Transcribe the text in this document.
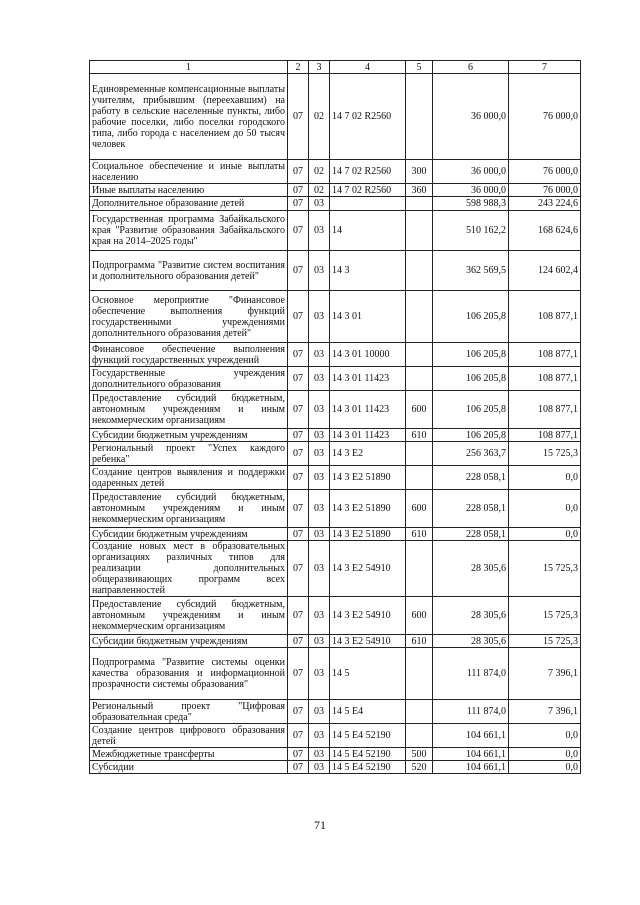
1	2	3	4	5	6	7
Единовременные компенсационные выплаты учителям, прибывшим (переехавшим) на работу в сельские населенные пункты, либо рабочие поселки, либо поселки городского типа, либо города с населением до 50 тысяч человек	07	02	14 7 02 R2560		36 000,0	76 000,0
Социальное обеспечение и иные выплаты населению	07	02	14 7 02 R2560	300	36 000,0	76 000,0
Иные выплаты населению	07	02	14 7 02 R2560	360	36 000,0	76 000,0
Дополнительное образование детей	07	03			598 988,3	243 224,6
Государственная программа Забайкальского края "Развитие образования Забайкальского края на 2014–2025 годы"	07	03	14		510 162,2	168 624,6
Подпрограмма "Развитие систем воспитания и дополнительного образования детей"	07	03	14 3		362 569,5	124 602,4
Основное мероприятие "Финансовое обеспечение выполнения функций государственными учреждениями дополнительного образования детей"	07	03	14 3 01		106 205,8	108 877,1
Финансовое обеспечение выполнения функций государственных учреждений	07	03	14 3 01 10000		106 205,8	108 877,1
Государственные учреждения дополнительного образования	07	03	14 3 01 11423		106 205,8	108 877,1
Предоставление субсидий бюджетным, автономным учреждениям и иным некоммерческим организациям	07	03	14 3 01 11423	600	106 205,8	108 877,1
Субсидии бюджетным учреждениям	07	03	14 3 01 11423	610	106 205,8	108 877,1
Региональный проект "Успех каждого ребенка"	07	03	14 3 E2		256 363,7	15 725,3
Создание центров выявления и поддержки одаренных детей	07	03	14 3 E2 51890		228 058,1	0,0
Предоставление субсидий бюджетным, автономным учреждениям и иным некоммерческим организациям	07	03	14 3 E2 51890	600	228 058,1	0,0
Субсидии бюджетным учреждениям	07	03	14 3 E2 51890	610	228 058,1	0,0
Создание новых мест в образовательных организациях различных типов для реализации дополнительных общеразвивающих программ всех направленностей	07	03	14 3 E2 54910		28 305,6	15 725,3
Предоставление субсидий бюджетным, автономным учреждениям и иным некоммерческим организациям	07	03	14 3 E2 54910	600	28 305,6	15 725,3
Субсидии бюджетным учреждениям	07	03	14 3 E2 54910	610	28 305,6	15 725,3
Подпрограмма "Развитие системы оценки качества образования и информационной прозрачности системы образования"	07	03	14 5		111 874,0	7 396,1
Региональный проект "Цифровая образовательная среда"	07	03	14 5 E4		111 874,0	7 396,1
Создание центров цифрового образования детей	07	03	14 5 E4 52190		104 661,1	0,0
Межбюджетные трансферты	07	03	14 5 E4 52190	500	104 661,1	0,0
Субсидии	07	03	14 5 E4 52190	520	104 661,1	0,0
71
